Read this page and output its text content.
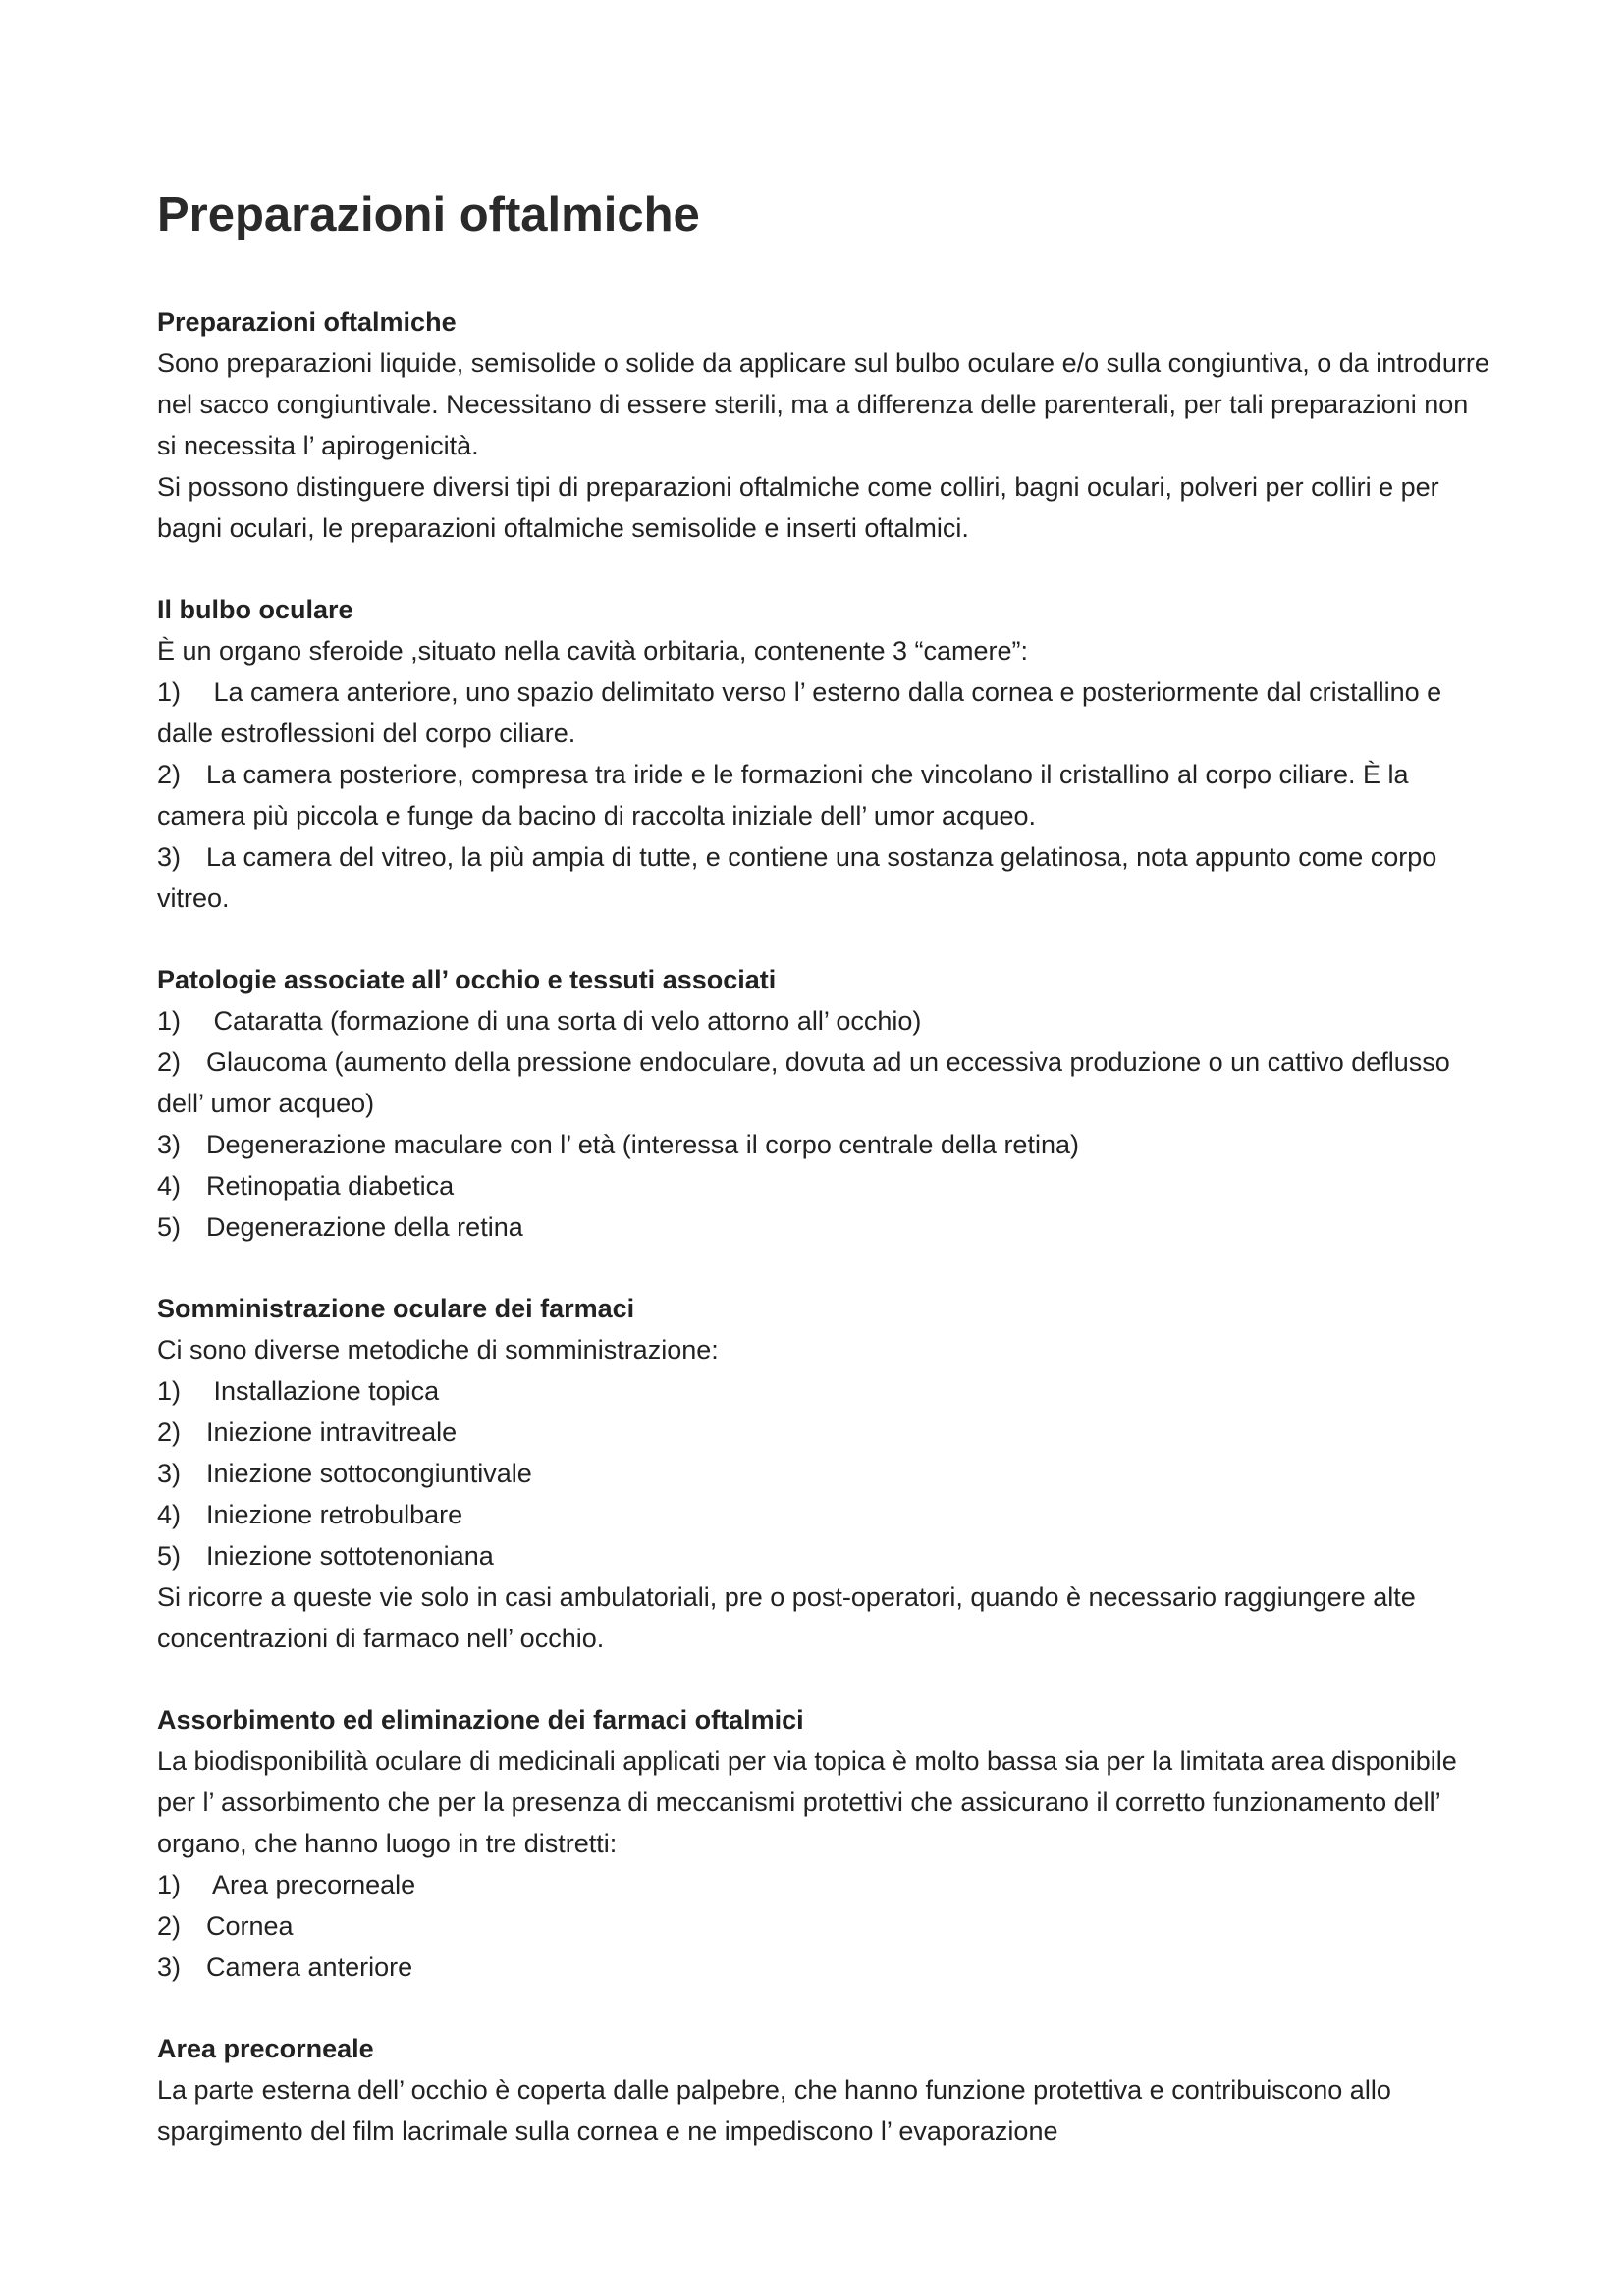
Preparazioni oftalmiche
Preparazioni oftalmiche

Sono preparazioni liquide, semisolide o solide da applicare sul bulbo oculare e/o sulla congiuntiva, o da introdurre nel sacco congiuntivale. Necessitano di essere sterili, ma a differenza delle parenterali, per tali preparazioni non si necessita l’ apirogenicità.

Si possono distinguere diversi tipi di preparazioni oftalmiche come colliri, bagni oculari, polveri per colliri e per bagni oculari, le preparazioni oftalmiche semisolide e inserti oftalmici.

Il bulbo oculare

È un organo sferoide ,situato nella cavità orbitaria, contenente 3 “camere”:

1) La camera anteriore, uno spazio delimitato verso l’ esterno dalla cornea e posteriormente dal cristallino e dalle estroflessioni del corpo ciliare.
2) La camera posteriore, compresa tra iride e le formazioni che vincolano il cristallino al corpo ciliare. È la camera più piccola e funge da bacino di raccolta iniziale dell’ umor acqueo.
3) La camera del vitreo, la più ampia di tutte, e contiene una sostanza gelatinosa, nota appunto come corpo vitreo.
Patologie associate all’ occhio e tessuti associati
1) Cataratta (formazione di una sorta di velo attorno all’ occhio)
2) Glaucoma (aumento della pressione endoculare, dovuta ad un eccessiva produzione o un cattivo deflusso dell’ umor acqueo)
3) Degenerazione maculare con l’ età (interessa il corpo centrale della retina)
4) Retinopatia diabetica
5) Degenerazione della retina
Somministrazione oculare dei farmaci

Ci sono diverse metodiche di somministrazione:

1) Installazione topica
2) Iniezione intravitreale
3) Iniezione sottocongiuntivale
4) Iniezione retrobulbare
5) Iniezione sottotenoniana

Si ricorre a queste vie solo in casi ambulatoriali, pre o post-operatori, quando è necessario raggiungere alte concentrazioni di farmaco nell’ occhio.

Assorbimento ed eliminazione dei farmaci oftalmici

La biodisponibilità oculare di medicinali applicati per via topica è molto bassa sia per la limitata area disponibile per l’ assorbimento che per la presenza di meccanismi protettivi che assicurano il corretto funzionamento dell’ organo, che hanno luogo in tre distretti:

1) Area precorneale
2) Cornea
3) Camera anteriore
Area precorneale

La parte esterna dell’ occhio è coperta dalle palpebre, che hanno funzione protettiva e contribuiscono allo spargimento del film lacrimale sulla cornea e ne impediscono l’ evaporazione
